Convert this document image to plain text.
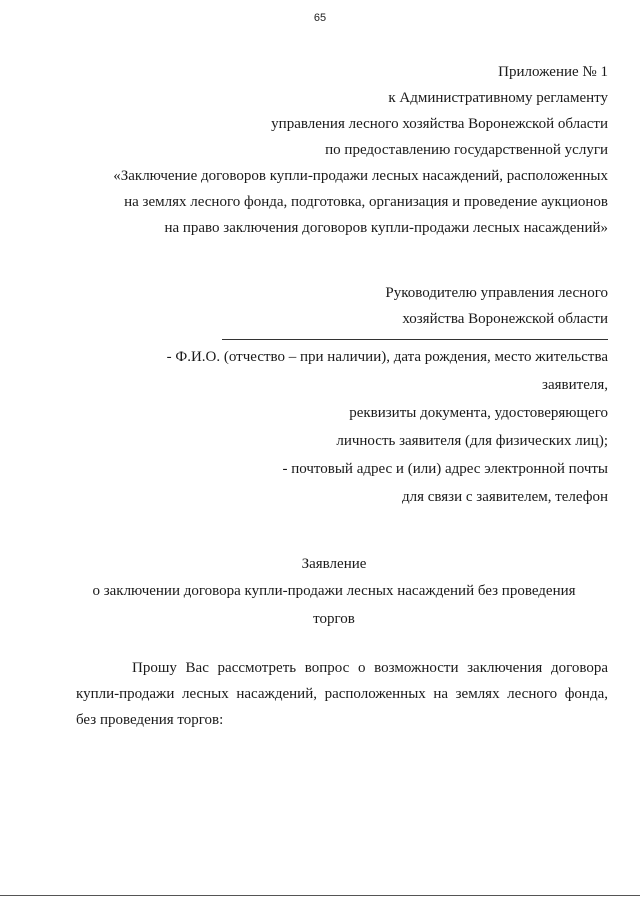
65
Приложение № 1
к Административному регламенту
управления лесного хозяйства Воронежской области
по предоставлению государственной услуги
«Заключение договоров купли-продажи лесных насаждений, расположенных
на землях лесного фонда, подготовка, организация и проведение аукционов
на право заключения договоров купли-продажи лесных насаждений»
Руководителю управления лесного
хозяйства Воронежской области
- Ф.И.О. (отчество – при наличии), дата рождения, место жительства
заявителя,
реквизиты документа, удостоверяющего
личность заявителя (для физических лиц);
- почтовый адрес и (или) адрес электронной почты
для связи с заявителем, телефон
Заявление
о заключении договора купли-продажи лесных насаждений без проведения
торгов
Прошу Вас рассмотреть вопрос о возможности заключения договора
купли-продажи лесных насаждений, расположенных на землях лесного фонда,
без проведения торгов:
